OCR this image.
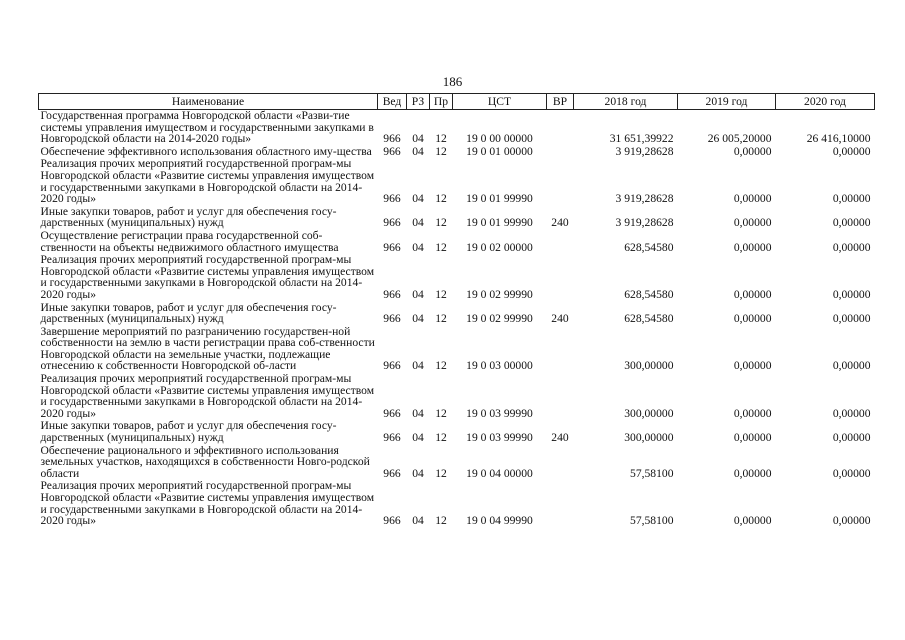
186
Наименование	Вед	РЗ	Пр	ЦСТ	ВР	2018 год	2019 год	2020 год
Государственная программа Новгородской области «Разви-тие системы управления имуществом и государственными закупками в Новгородской области на 2014-2020 годы»	966	04	12	19 0 00 00000		31 651,39922	26 005,20000	26 416,10000
Обеспечение эффективного использования областного иму-щества	966	04	12	19 0 01 00000		3 919,28628	0,00000	0,00000
Реализация прочих мероприятий государственной програм-мы Новгородской области «Развитие системы управления имуществом и государственными закупками в Новгородской области на 2014-2020 годы»	966	04	12	19 0 01 99990		3 919,28628	0,00000	0,00000
Иные закупки товаров, работ и услуг для обеспечения госу-дарственных (муниципальных) нужд	966	04	12	19 0 01 99990	240	3 919,28628	0,00000	0,00000
Осуществление регистрации права государственной соб-ственности на объекты недвижимого областного имущества	966	04	12	19 0 02 00000		628,54580	0,00000	0,00000
Реализация прочих мероприятий государственной програм-мы Новгородской области «Развитие системы управления имуществом и государственными закупками в Новгородской области на 2014-2020 годы»	966	04	12	19 0 02 99990		628,54580	0,00000	0,00000
Иные закупки товаров, работ и услуг для обеспечения госу-дарственных (муниципальных) нужд	966	04	12	19 0 02 99990	240	628,54580	0,00000	0,00000
Завершение мероприятий по разграничению государствен-ной собственности на землю в части регистрации права соб-ственности Новгородской области на земельные участки, подлежащие отнесению к собственности Новгородской об-ласти	966	04	12	19 0 03 00000		300,00000	0,00000	0,00000
Реализация прочих мероприятий государственной програм-мы Новгородской области «Развитие системы управления имуществом и государственными закупками в Новгородской области на 2014-2020 годы»	966	04	12	19 0 03 99990		300,00000	0,00000	0,00000
Иные закупки товаров, работ и услуг для обеспечения госу-дарственных (муниципальных) нужд	966	04	12	19 0 03 99990	240	300,00000	0,00000	0,00000
Обеспечение рационального и эффективного использования земельных участков, находящихся в собственности Новго-родской области	966	04	12	19 0 04 00000		57,58100	0,00000	0,00000
Реализация прочих мероприятий государственной програм-мы Новгородской области «Развитие системы управления имуществом и государственными закупками в Новгородской области на 2014-2020 годы»	966	04	12	19 0 04 99990		57,58100	0,00000	0,00000
